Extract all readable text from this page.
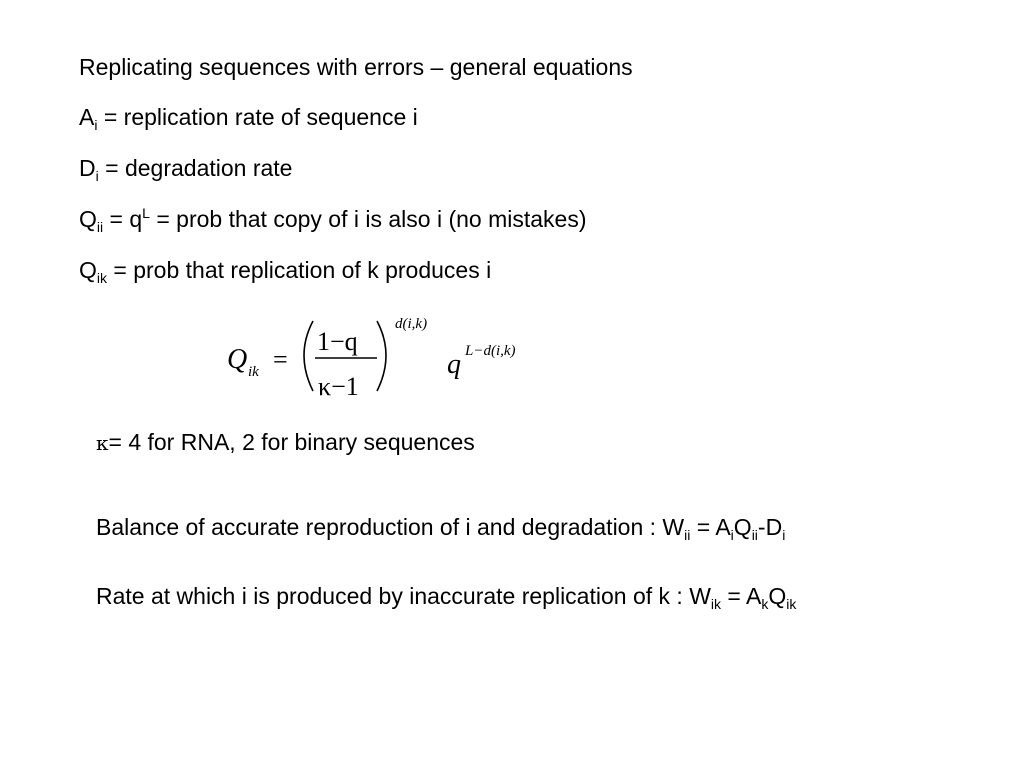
Replicating sequences with errors – general equations
$A_i$ = replication rate of sequence i
$D_i$ = degradation rate
$Q_{ii} = q^L$ = prob that copy of i is also i (no mistakes)
$Q_{ik}$ = prob that replication of k produces i
Q ik =
1−q
κ−1
d(i,k)
q L−d(i,k)
κ= 4 for RNA, 2 for binary sequences
Balance of accurate reproduction of i and degradation : $W_{ii} = A_iQ_{ii}-D_i$
Rate at which i is produced by inaccurate replication of k : $W_{ik} = A_kQ_{ik}$
